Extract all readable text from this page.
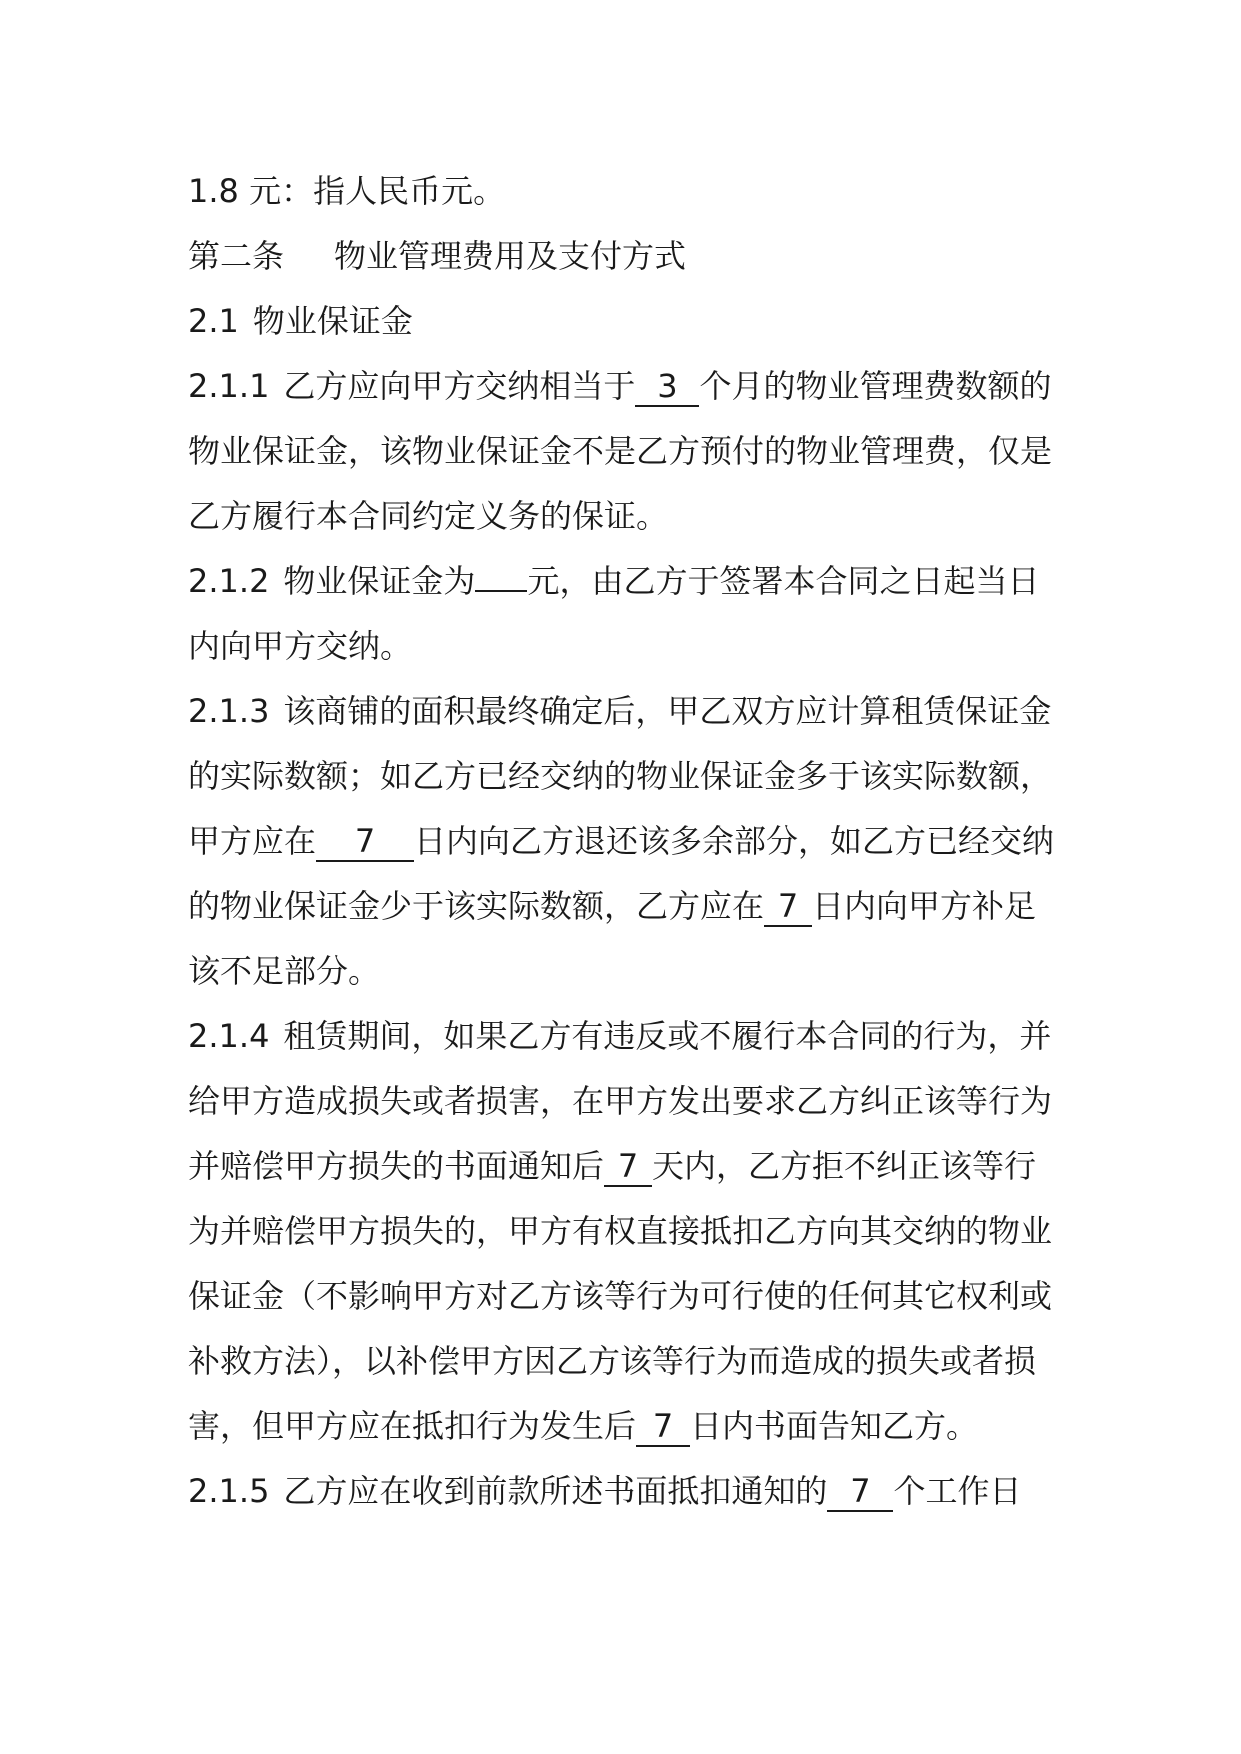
1.8 元：指人民币元。

第二条 物业管理费用及支付方式

2.1 物业保证金

2.1.1 乙方应向甲方交纳相当于 3 个月的物业管理费数额的物业保证金，该物业保证金不是乙方预付的物业管理费，仅是乙方履行本合同约定义务的保证。

2.1.2 物业保证金为 元，由乙方于签署本合同之日起当日内向甲方交纳。

2.1.3 该商铺的面积最终确定后，甲乙双方应计算租赁保证金的实际数额；如乙方已经交纳的物业保证金多于该实际数额，甲方应在 7 日内向乙方退还该多余部分，如乙方已经交纳的物业保证金少于该实际数额，乙方应在 7 日内向甲方补足该不足部分。

2.1.4 租赁期间，如果乙方有违反或不履行本合同的行为，并给甲方造成损失或者损害，在甲方发出要求乙方纠正该等行为并赔偿甲方损失的书面通知后 7 天内，乙方拒不纠正该等行为并赔偿甲方损失的，甲方有权直接抵扣乙方向其交纳的物业保证金（不影响甲方对乙方该等行为可行使的任何其它权利或补救方法），以补偿甲方因乙方该等行为而造成的损失或者损害，但甲方应在抵扣行为发生后 7 日内书面告知乙方。

2.1.5 乙方应在收到前款所述书面抵扣通知的 7 个工作日
